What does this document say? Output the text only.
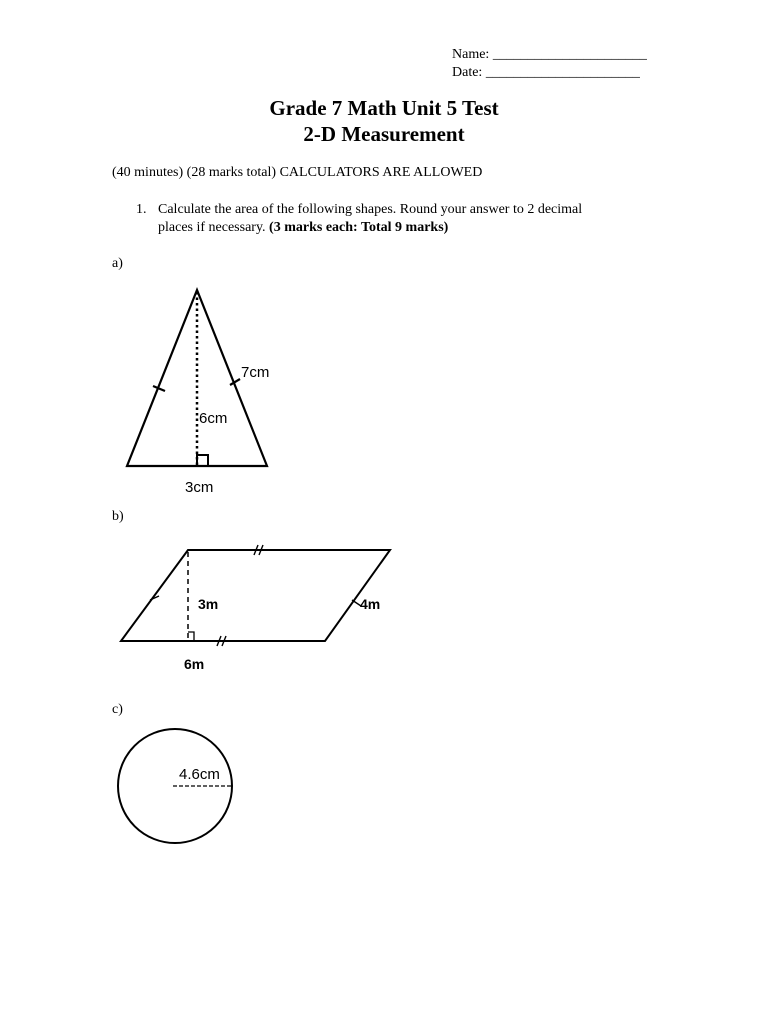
Name: ______________________
Date: ______________________
Grade 7 Math Unit 5 Test
2-D Measurement
(40 minutes) (28 marks total) CALCULATORS ARE ALLOWED
1. Calculate the area of the following shapes. Round your answer to 2 decimal
places if necessary. (3 marks each: Total 9 marks)
a)
b)
c)
7cm
6cm
3cm
3m	4m
6m
4.6cm
